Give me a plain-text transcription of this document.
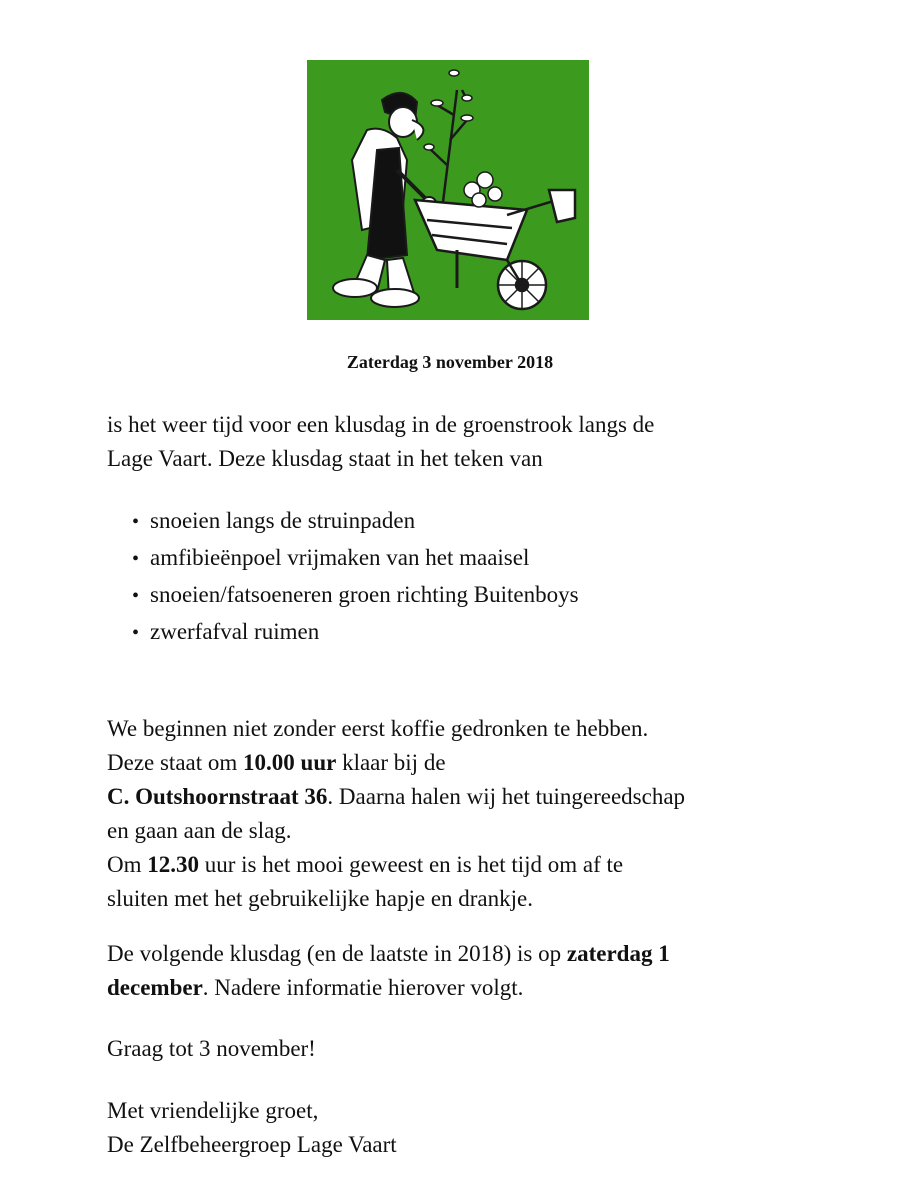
Zaterdag 3 november 2018

is het weer tijd voor een klusdag in de groenstrook langs de
Lage Vaart. Deze klusdag staat in het teken van

• snoeien langs de struinpaden
• amfibieënpoel vrijmaken van het maaisel
• snoeien/fatsoeneren groen richting Buitenboys
• zwerfafval ruimen

We beginnen niet zonder eerst koffie gedronken te hebben.
Deze staat om 10.00 uur klaar bij de
C. Outshoornstraat 36. Daarna halen wij het tuingereedschap
en gaan aan de slag.
Om 12.30 uur is het mooi geweest en is het tijd om af te
sluiten met het gebruikelijke hapje en drankje.

De volgende klusdag (en de laatste in 2018) is op zaterdag 1
december. Nadere informatie hierover volgt.

Graag tot 3 november!

Met vriendelijke groet,
De Zelfbeheergroep Lage Vaart
